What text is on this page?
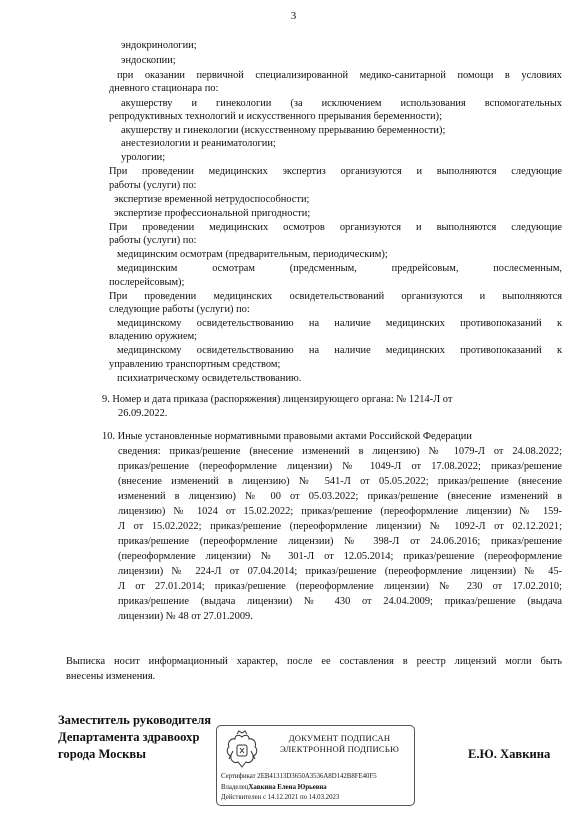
3
эндокринологии;
эндоскопии;
при оказании первичной специализированной медико-санитарной помощи в условиях
дневного стационара по:
акушерству и гинекологии (за исключением использования вспомогательных
репродуктивных технологий и искусственного прерывания беременности);
акушерству и гинекологии (искусственному прерыванию беременности);
анестезиологии и реаниматологии;
урологии;
При проведении медицинских экспертиз организуются и выполняются следующие
работы (услуги) по:
экспертизе временной нетрудоспособности;
экспертизе профессиональной пригодности;
При проведении медицинских осмотров организуются и выполняются следующие
работы (услуги) по:
медицинским осмотрам (предварительным, периодическим);
медицинским осмотрам (предсменным, предрейсовым, послесменным,
послерейсовым);
При проведении медицинских освидетельствований организуются и выполняются
следующие работы (услуги) по:
медицинскому освидетельствованию на наличие медицинских противопоказаний к
владению оружием;
медицинскому освидетельствованию на наличие медицинских противопоказаний к
управлению транспортным средством;
психиатрическому освидетельствованию.
9. Номер и дата приказа (распоряжения) лицензирующего органа: № 1214-Л от
26.09.2022.
10. Иные установленные нормативными правовыми актами Российской Федерации
сведения: приказ/решение (внесение изменений в лицензию) № 1079-Л от 24.08.2022;
приказ/решение (переоформление лицензии) № 1049-Л от 17.08.2022; приказ/решение
(внесение изменений в лицензию) № 541-Л от 05.05.2022; приказ/решение (внесение
изменений в лицензию) № 00 от 05.03.2022; приказ/решение (внесение изменений в
лицензию) № 1024 от 15.02.2022; приказ/решение (переоформление лицензии) № 159-
Л от 15.02.2022; приказ/решение (переоформление лицензии) № 1092-Л от 02.12.2021;
приказ/решение (переоформление лицензии) № 398-Л от 24.06.2016; приказ/решение
(переоформление лицензии) № 301-Л от 12.05.2014; приказ/решение (переоформление
лицензии) № 224-Л от 07.04.2014; приказ/решение (переоформление лицензии) № 45-
Л от 27.01.2014; приказ/решение (переоформление лицензии) № 230 от 17.02.2010;
приказ/решение (выдача лицензии) № 430 от 24.04.2009; приказ/решение (выдача
лицензии) № 48 от 27.01.2009.
Выписка носит информационный характер, после ее составления в реестр лицензий могли быть
внесены изменения.
Заместитель руководителя
Департамента здравоохр
города Москвы	Е.Ю. Хавкина
ДОКУМЕНТ ПОДПИСАН
ЭЛЕКТРОННОЙ ПОДПИСЬЮ
Сертификат 2EB41313D3650A3536A8D142B8FE40F5
ВладелецХавкина Елена Юрьевна
Действителен с 14.12.2021 по 14.03.2023
